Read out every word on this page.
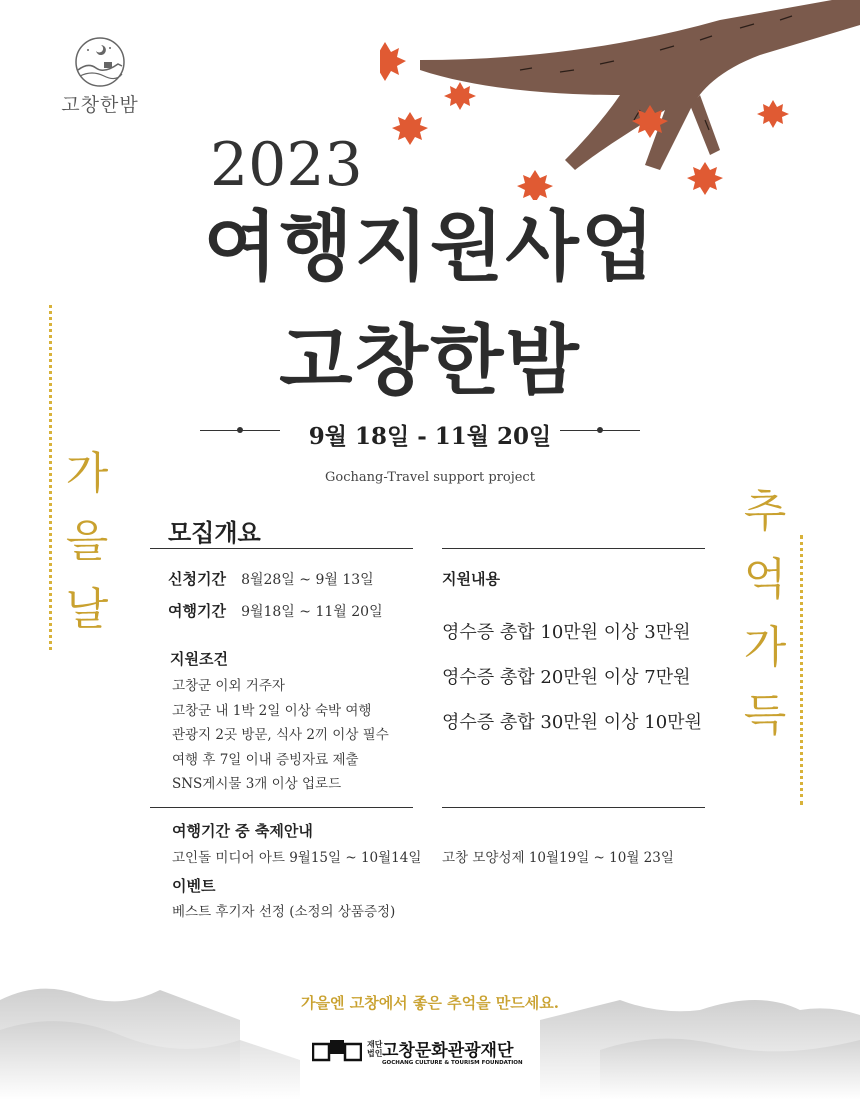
고창한밤
2023
여행지원사업
고창한밤
9월 18일 - 11월 20일
Gochang-Travel support project
가
을
날
추
억
가
득
모집개요
신청기간 8월28일 ~ 9월 13일
여행기간 9월18일 ~ 11월 20일
지원조건
고창군 이외 거주자
고창군 내 1박 2일 이상 숙박 여행
관광지 2곳 방문, 식사 2끼 이상 필수
여행 후 7일 이내 증빙자료 제출
SNS게시물 3개 이상 업로드
지원내용
영수증 총합 10만원 이상 3만원
영수증 총합 20만원 이상 7만원
영수증 총합 30만원 이상 10만원
여행기간 중 축제안내
고인돌 미디어 아트 9월15일 ~ 10월14일 고창 모양성제 10월19일 ~ 10월 23일
이벤트
베스트 후기자 선정 (소정의 상품증정)
가을엔 고창에서 좋은 추억을 만드세요.
재단
법인 고창문화관광재단
GOCHANG CULTURE & TOURISM FOUNDATION
